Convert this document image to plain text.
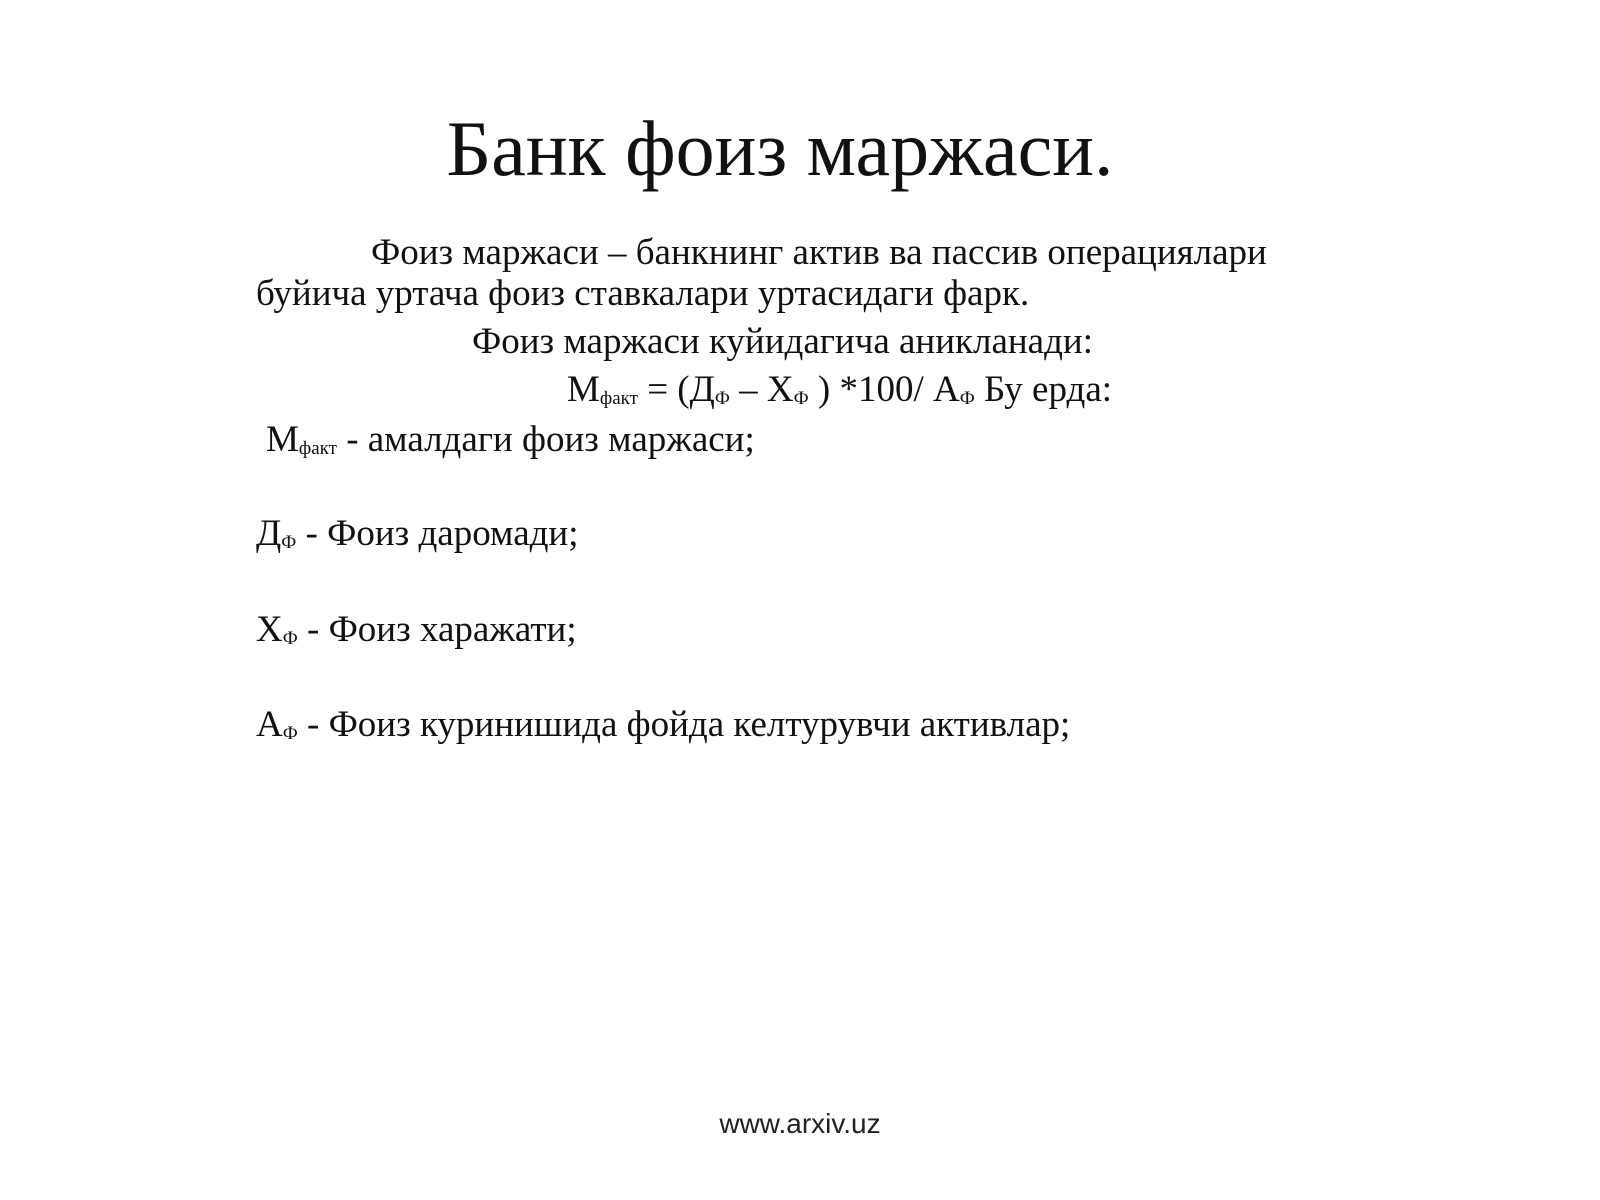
Банк фоиз маржаси.

Фоиз маржаси – банкнинг актив ва пассив операциялари буйича уртача фоиз ставкалари уртасидаги фарк.

Фоиз маржаси куйидагича аникланади:
$М_{факт} = (Д_Ф - Х_Ф$ ) *100/ $А_Ф$ Бу ерда:
$М_{факт}$ - амалдаги фоиз маржаси;
$Д_Ф$ - Фоиз даромади;
$Х_Ф$ - Фоиз харажати;
$А_Ф$ - Фоиз куринишида фойда келтурувчи активлар;
www.arxiv.uz
